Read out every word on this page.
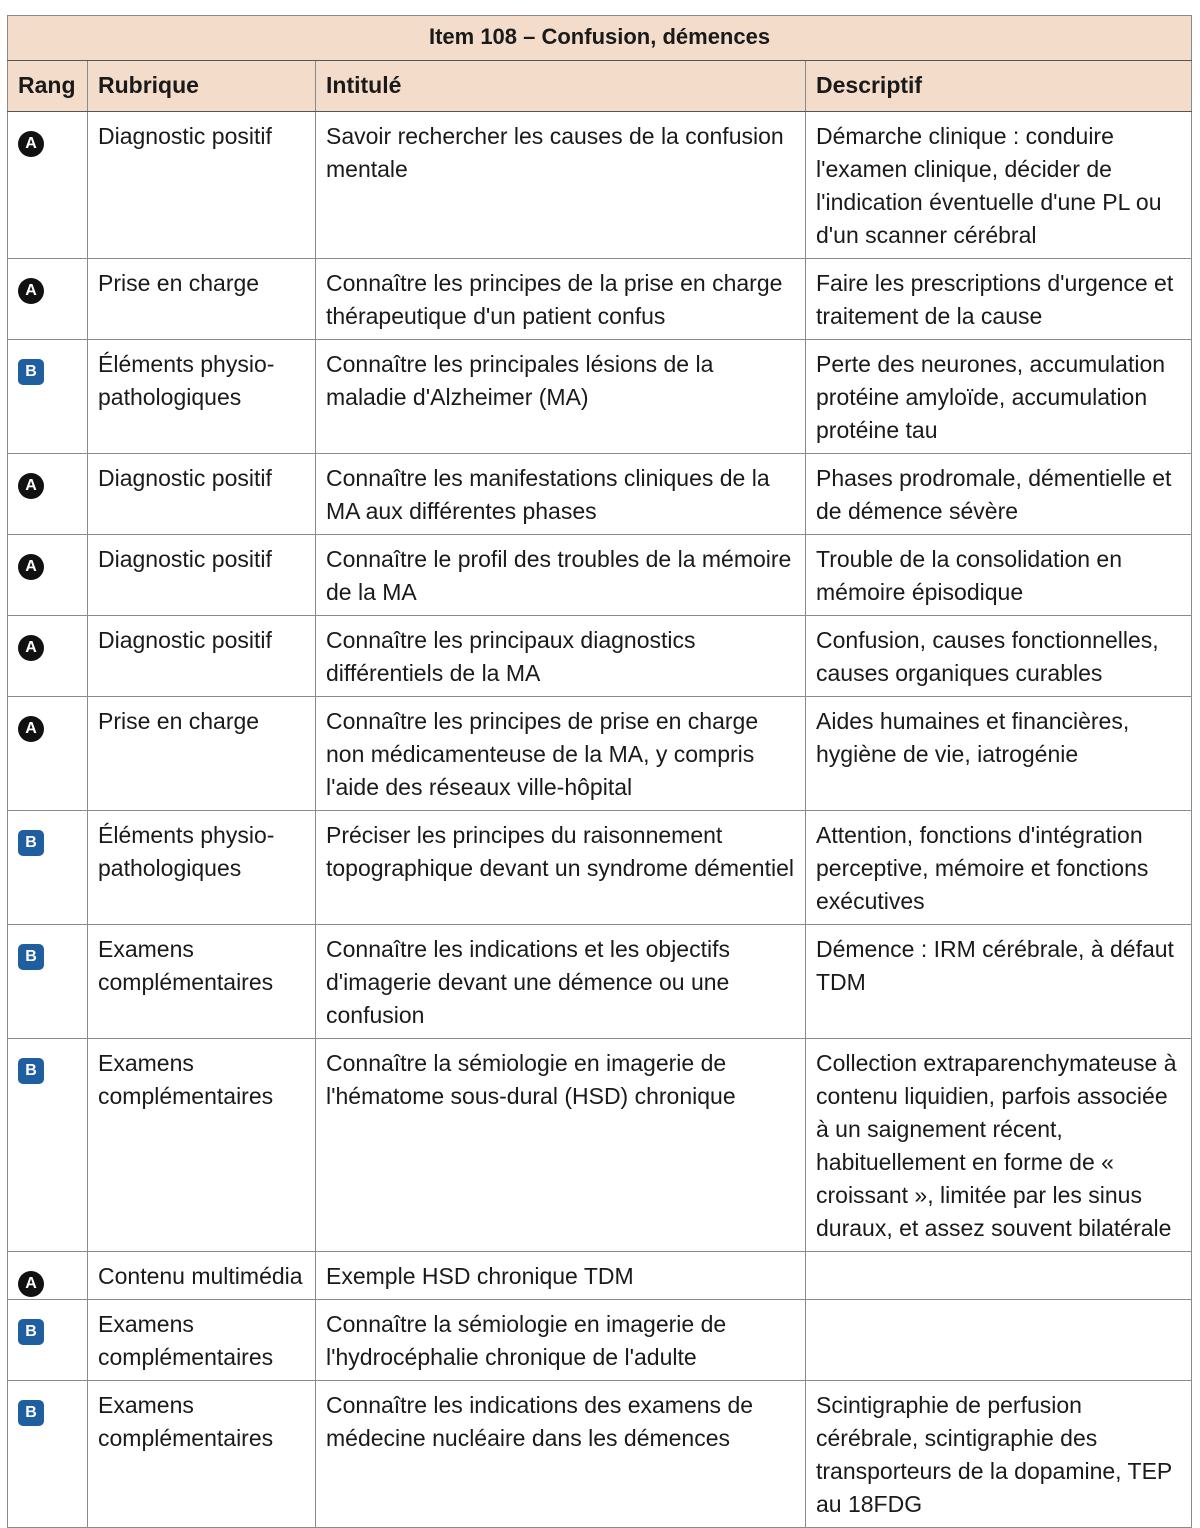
Item 108 – Confusion, démences			
Rang	Rubrique	Intitulé	Descriptif
A	Diagnostic positif	Savoir rechercher les causes de la confusion mentale	Démarche clinique : conduire l'examen clinique, décider de l'indication éventuelle d'une PL ou d'un scanner cérébral
A	Prise en charge	Connaître les principes de la prise en charge thérapeutique d'un patient confus	Faire les prescriptions d'urgence et traitement de la cause
B	Éléments physio-pathologiques	Connaître les principales lésions de la maladie d'Alzheimer (MA)	Perte des neurones, accumulation protéine amyloïde, accumulation protéine tau
A	Diagnostic positif	Connaître les manifestations cliniques de la MA aux différentes phases	Phases prodromale, démentielle et de démence sévère
A	Diagnostic positif	Connaître le profil des troubles de la mémoire de la MA	Trouble de la consolidation en mémoire épisodique
A	Diagnostic positif	Connaître les principaux diagnostics différentiels de la MA	Confusion, causes fonctionnelles, causes organiques curables
A	Prise en charge	Connaître les principes de prise en charge non médicamenteuse de la MA, y compris l'aide des réseaux ville-hôpital	Aides humaines et financières, hygiène de vie, iatrogénie
B	Éléments physio-pathologiques	Préciser les principes du raisonnement topographique devant un syndrome démentiel	Attention, fonctions d'intégration perceptive, mémoire et fonctions exécutives
B	Examens complémentaires	Connaître les indications et les objectifs d'imagerie devant une démence ou une confusion	Démence : IRM cérébrale, à défaut TDM
B	Examens complémentaires	Connaître la sémiologie en imagerie de l'hématome sous-dural (HSD) chronique	Collection extraparenchymateuse à contenu liquidien, parfois associée à un saignement récent, habituellement en forme de « croissant », limitée par les sinus duraux, et assez souvent bilatérale
A	Contenu multimédia	Exemple HSD chronique TDM	
B	Examens complémentaires	Connaître la sémiologie en imagerie de l'hydrocéphalie chronique de l'adulte	
B	Examens complémentaires	Connaître les indications des examens de médecine nucléaire dans les démences	Scintigraphie de perfusion cérébrale, scintigraphie des transporteurs de la dopamine, TEP au 18FDG
